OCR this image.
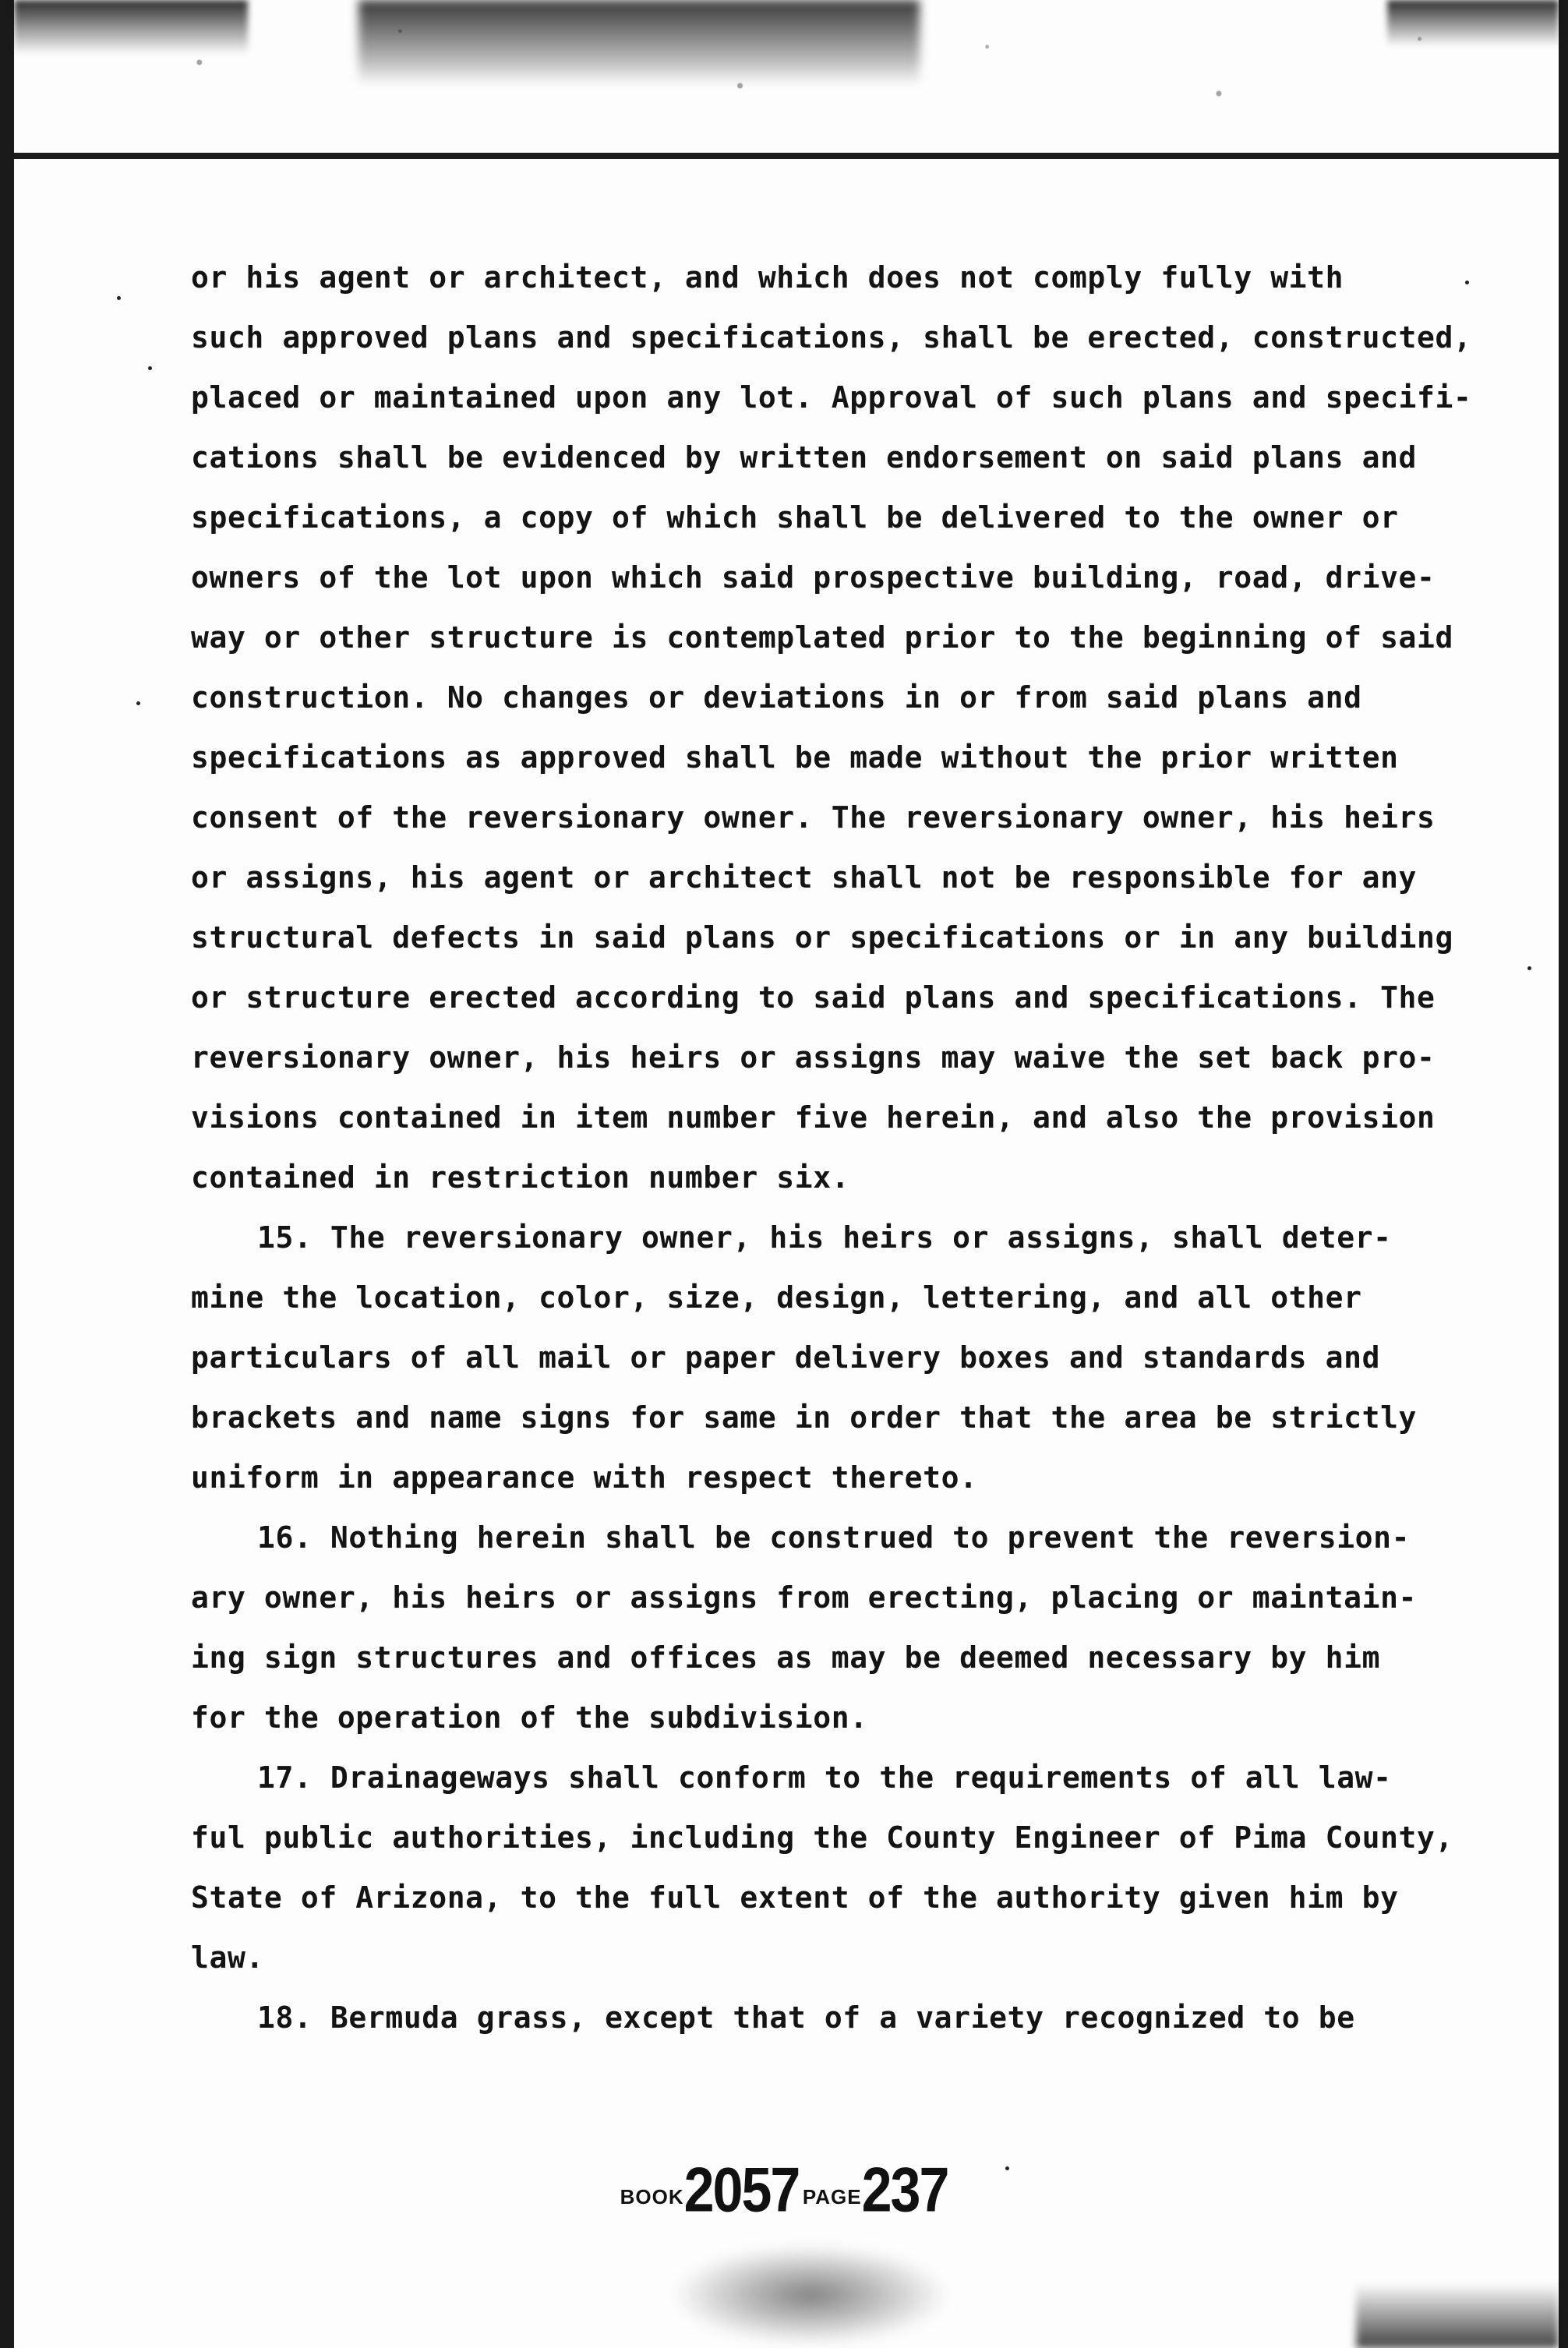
or his agent or architect, and which does not comply fully with
such approved plans and specifications, shall be erected, constructed,
placed or maintained upon any lot. Approval of such plans and specifi-
cations shall be evidenced by written endorsement on said plans and
specifications, a copy of which shall be delivered to the owner or
owners of the lot upon which said prospective building, road, drive-
way or other structure is contemplated prior to the beginning of said
construction. No changes or deviations in or from said plans and
specifications as approved shall be made without the prior written
consent of the reversionary owner. The reversionary owner, his heirs
or assigns, his agent or architect shall not be responsible for any
structural defects in said plans or specifications or in any building
or structure erected according to said plans and specifications. The
reversionary owner, his heirs or assigns may waive the set back pro-
visions contained in item number five herein, and also the provision
contained in restriction number six.
15. The reversionary owner, his heirs or assigns, shall deter-
mine the location, color, size, design, lettering, and all other
particulars of all mail or paper delivery boxes and standards and
brackets and name signs for same in order that the area be strictly
uniform in appearance with respect thereto.
16. Nothing herein shall be construed to prevent the reversion-
ary owner, his heirs or assigns from erecting, placing or maintain-
ing sign structures and offices as may be deemed necessary by him
for the operation of the subdivision.
17. Drainageways shall conform to the requirements of all law-
ful public authorities, including the County Engineer of Pima County,
State of Arizona, to the full extent of the authority given him by
law.
18. Bermuda grass, except that of a variety recognized to be
BOOK2057 PAGE237
